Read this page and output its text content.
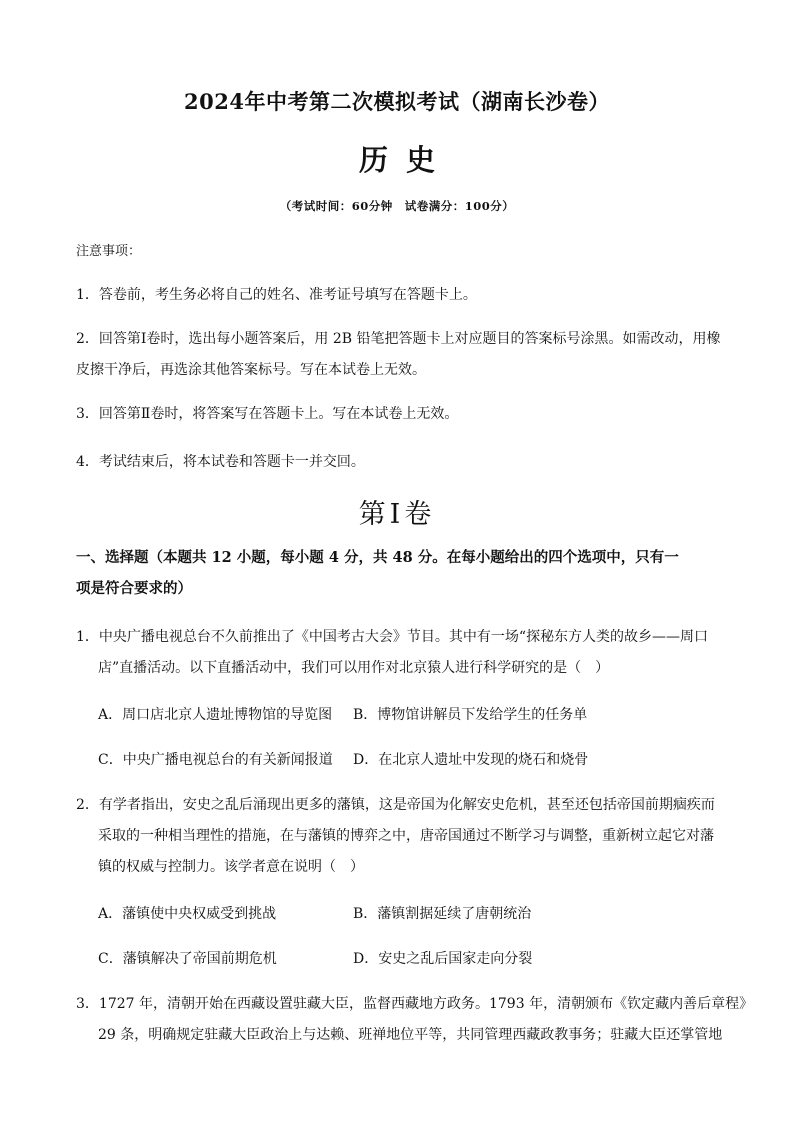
2024年中考第二次模拟考试（湖南长沙卷）
历史
（考试时间：60分钟　试卷满分：100分）
注意事项：
1．答卷前，考生务必将自己的姓名、准考证号填写在答题卡上。
2．回答第Ⅰ卷时，选出每小题答案后，用 2B 铅笔把答题卡上对应题目的答案标号涂黑。如需改动，用橡
皮擦干净后，再选涂其他答案标号。写在本试卷上无效。
3．回答第Ⅱ卷时，将答案写在答题卡上。写在本试卷上无效。
4．考试结束后，将本试卷和答题卡一并交回。
第Ⅰ卷
一、选择题（本题共 12 小题，每小题 4 分，共 48 分。在每小题给出的四个选项中，只有一
项是符合要求的）
1．中央广播电视总台不久前推出了《中国考古大会》节目。其中有一场“探秘东方人类的故乡——周口
店”直播活动。以下直播活动中，我们可以用作对北京猿人进行科学研究的是（　）
A．周口店北京人遗址博物馆的导览图 B．博物馆讲解员下发给学生的任务单
C．中央广播电视总台的有关新闻报道 D．在北京人遗址中发现的烧石和烧骨
2．有学者指出，安史之乱后涌现出更多的藩镇，这是帝国为化解安史危机，甚至还包括帝国前期痼疾而
采取的一种相当理性的措施，在与藩镇的博弈之中，唐帝国通过不断学习与调整，重新树立起它对藩
镇的权威与控制力。该学者意在说明（　）
A．藩镇使中央权威受到挑战	B．藩镇割据延续了唐朝统治
C．藩镇解决了帝国前期危机	D．安史之乱后国家走向分裂
3．1727 年，清朝开始在西藏设置驻藏大臣，监督西藏地方政务。1793 年，清朝颁布《钦定藏内善后章程》
29 条，明确规定驻藏大臣政治上与达赖、班禅地位平等，共同管理西藏政教事务；驻藏大臣还掌管地
